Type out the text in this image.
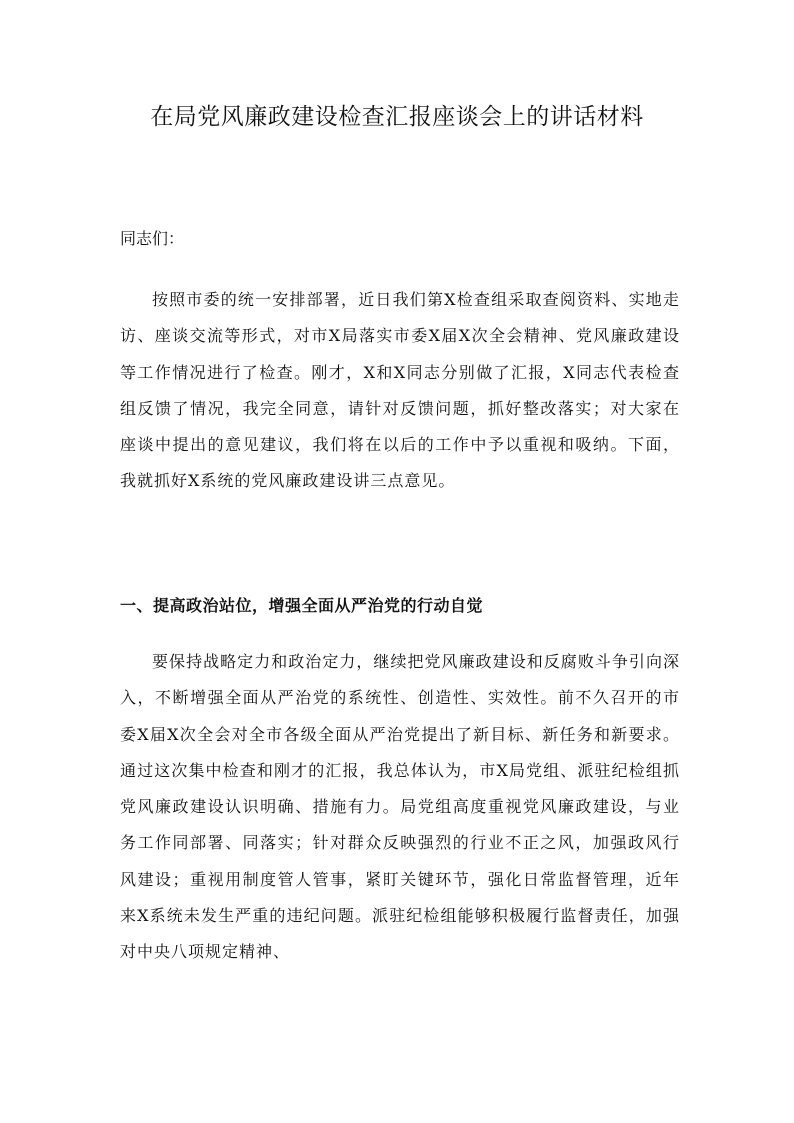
在局党风廉政建设检查汇报座谈会上的讲话材料

同志们：

按照市委的统一安排部署，近日我们第X检查组采取查阅资料、实地走访、座谈交流等形式，对市X局落实市委X届X次全会精神、党风廉政建设等工作情况进行了检查。刚才，X和X同志分别做了汇报，X同志代表检查组反馈了情况，我完全同意，请针对反馈问题，抓好整改落实；对大家在座谈中提出的意见建议，我们将在以后的工作中予以重视和吸纳。下面，我就抓好X系统的党风廉政建设讲三点意见。

一、提高政治站位，增强全面从严治党的行动自觉

要保持战略定力和政治定力，继续把党风廉政建设和反腐败斗争引向深入，不断增强全面从严治党的系统性、创造性、实效性。前不久召开的市委X届X次全会对全市各级全面从严治党提出了新目标、新任务和新要求。通过这次集中检查和刚才的汇报，我总体认为，市X局党组、派驻纪检组抓党风廉政建设认识明确、措施有力。局党组高度重视党风廉政建设，与业务工作同部署、同落实；针对群众反映强烈的行业不正之风，加强政风行风建设；重视用制度管人管事，紧盯关键环节，强化日常监督管理，近年来X系统未发生严重的违纪问题。派驻纪检组能够积极履行监督责任，加强对中央八项规定精神、
